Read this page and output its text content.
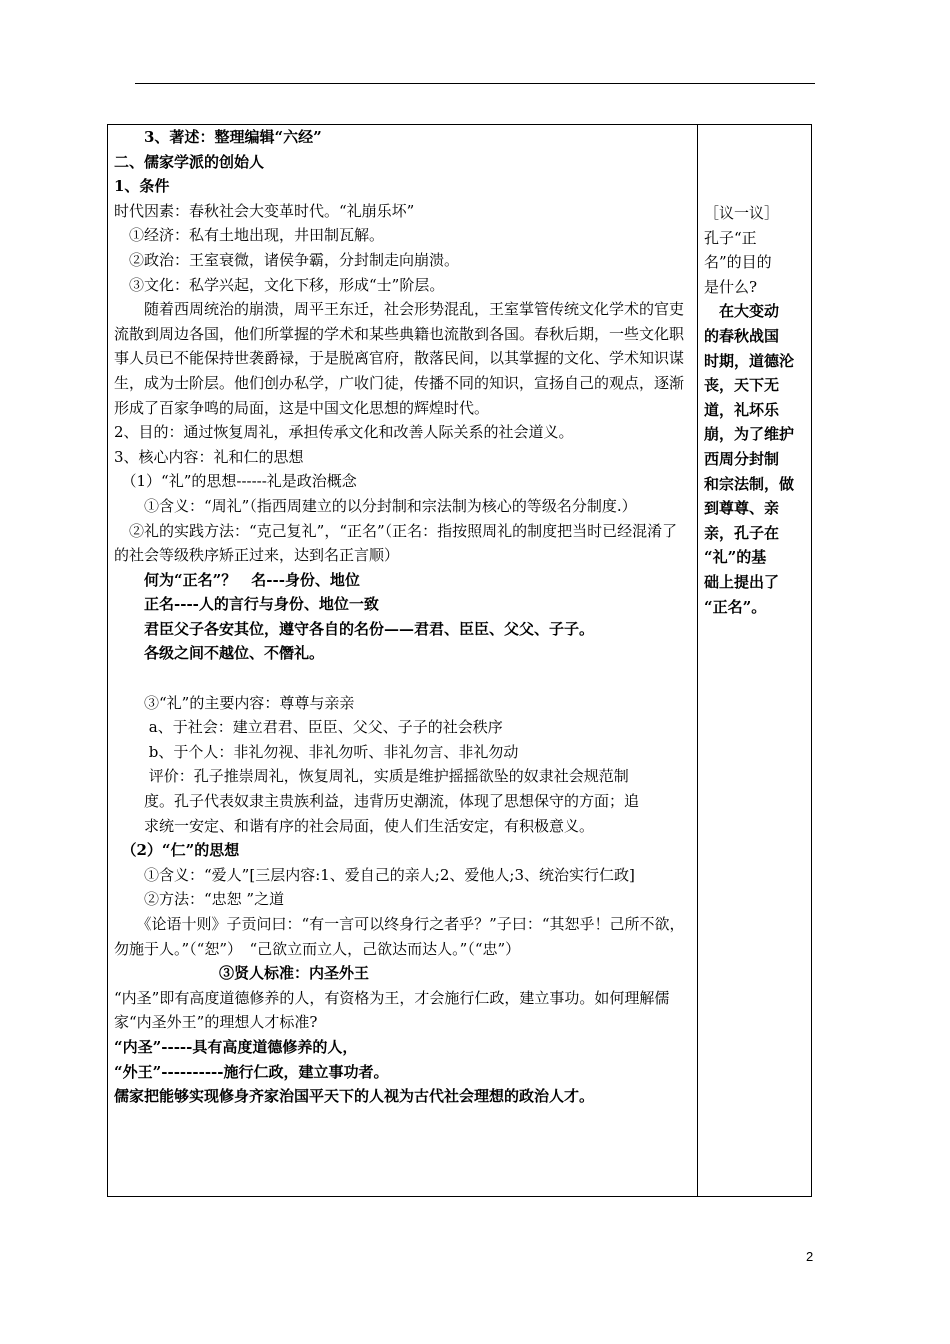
　　3、著述：整理编辑“六经”
二、儒家学派的创始人
1、条件
时代因素：春秋社会大变革时代。“礼崩乐坏”
　①经济：私有土地出现，井田制瓦解。
　②政治：王室衰微，诸侯争霸，分封制走向崩溃。
　③文化：私学兴起，文化下移，形成“士”阶层。
　　随着西周统治的崩溃，周平王东迁，社会形势混乱，王室掌管传统文化学术的官吏流散到周边各国，他们所掌握的学术和某些典籍也流散到各国。春秋后期，一些文化职事人员已不能保持世袭爵禄，于是脱离官府，散落民间，以其掌握的文化、学术知识谋生，成为士阶层。他们创办私学，广收门徒，传播不同的知识，宣扬自己的观点，逐渐形成了百家争鸣的局面，这是中国文化思想的辉煌时代。
2、目的：通过恢复周礼，承担传承文化和改善人际关系的社会道义。
3、核心内容：礼和仁的思想
　（1）“礼”的思想------礼是政治概念
　　①含义：“周礼”（指西周建立的以分封制和宗法制为核心的等级名分制度.）
　②礼的实践方法：“克己复礼”，“正名”（正名：指按照周礼的制度把当时已经混淆了的社会等级秩序矫正过来，达到名正言顺）
　　何为“正名”？　名---身份、地位
　　正名----人的言行与身份、地位一致
　　君臣父子各安其位，遵守各自的名份——君君、臣臣、父父、子子。
　　各级之间不越位、不僭礼。
　　③“礼”的主要内容：尊尊与亲亲
　　 a、于社会：建立君君、臣臣、父父、子子的社会秩序
　　 b、于个人：非礼勿视、非礼勿听、非礼勿言、非礼勿动
　　 评价：孔子推崇周礼，恢复周礼，实质是维护摇摇欲坠的奴隶社会规范制
　　度。孔子代表奴隶主贵族利益，违背历史潮流，体现了思想保守的方面；追
　　求统一安定、和谐有序的社会局面，使人们生活安定，有积极意义。
　（2）“仁”的思想
　　①含义：“爱人”[三层内容:1、爱自己的亲人;2、爱他人;3、统治实行仁政]
　　②方法：“忠恕 ”之道
　　《论语十则》子贡问曰：“有一言可以终身行之者乎？”子曰：“其恕乎！己所不欲，勿施于人。”（“恕”）　“己欲立而立人，己欲达而达人。”（“忠”）
　　　　　　　③贤人标准：内圣外王
“内圣”即有高度道德修养的人，有资格为王，才会施行仁政，建立事功。如何理解儒家“内圣外王”的理想人才标准?
“内圣”-----具有高度道德修养的人，
“外王”----------施行仁政，建立事功者。
儒家把能够实现修身齐家治国平天下的人视为古代社会理想的政治人才。
［议一议］
孔子“正
名”的目的
是什么?
　在大变动
的春秋战国
时期，道德沦
丧，天下无
道，礼坏乐
崩，为了维护
西周分封制
和宗法制，做
到尊尊、亲
亲，孔子在
“礼”的基
础上提出了
“正名”。
2
